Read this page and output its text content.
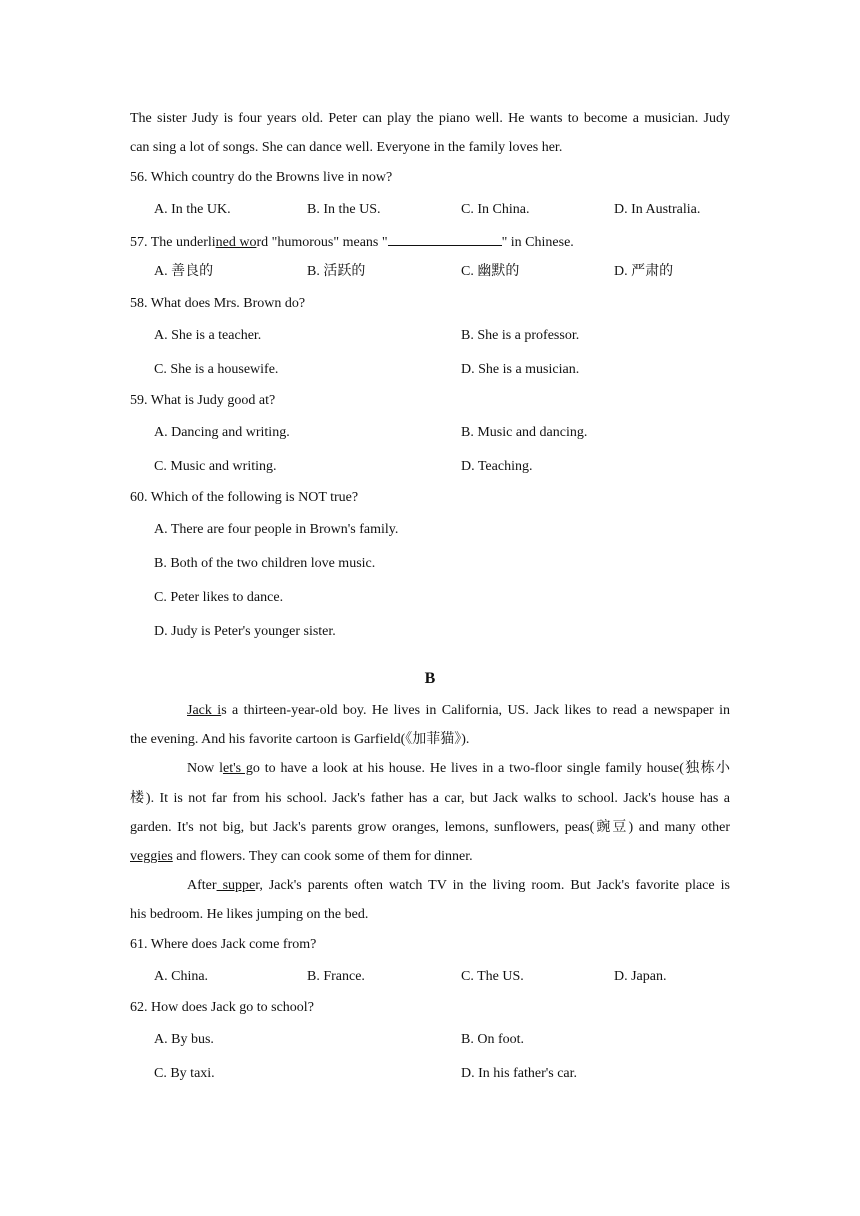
The sister Judy is four years old. Peter can play the piano well. He wants to become a musician. Judy
can sing a lot of songs. She can dance well. Everyone in the family loves her.
56. Which country do the Browns live in now?
A. In the UK.	B. In the US.	C. In China.	D. In Australia.
57. The underlined word "humorous" means "	" in Chinese.
A. 善良的	B. 活跃的	C. 幽默的	D. 严肃的
58. What does Mrs. Brown do?
A. She is a teacher.	B. She is a professor.
C. She is a housewife.	D. She is a musician.
59. What is Judy good at?
A. Dancing and writing.	B. Music and dancing.
C. Music and writing.	D. Teaching.
60. Which of the following is NOT true?
A. There are four people in Brown's family.
B. Both of the two children love music.
C. Peter likes to dance.
D. Judy is Peter's younger sister.
B
Jack is a thirteen-year-old boy. He lives in California, US. Jack likes to read a newspaper in
the evening. And his favorite cartoon is Garfield(《加菲猫》).
Now let's go to have a look at his house. He lives in a two-floor single family house(独栋小
楼). It is not far from his school. Jack's father has a car, but Jack walks to school. Jack's house has a
garden. It's not big, but Jack's parents grow oranges, lemons, sunflowers, peas(豌豆) and many other
veggies and flowers. They can cook some of them for dinner.
After supper, Jack's parents often watch TV in the living room. But Jack's favorite place is
his bedroom. He likes jumping on the bed.
61. Where does Jack come from?
A. China.	B. France.	C. The US.	D. Japan.
62. How does Jack go to school?
A. By bus.	B. On foot.
C. By taxi.	D. In his father's car.
